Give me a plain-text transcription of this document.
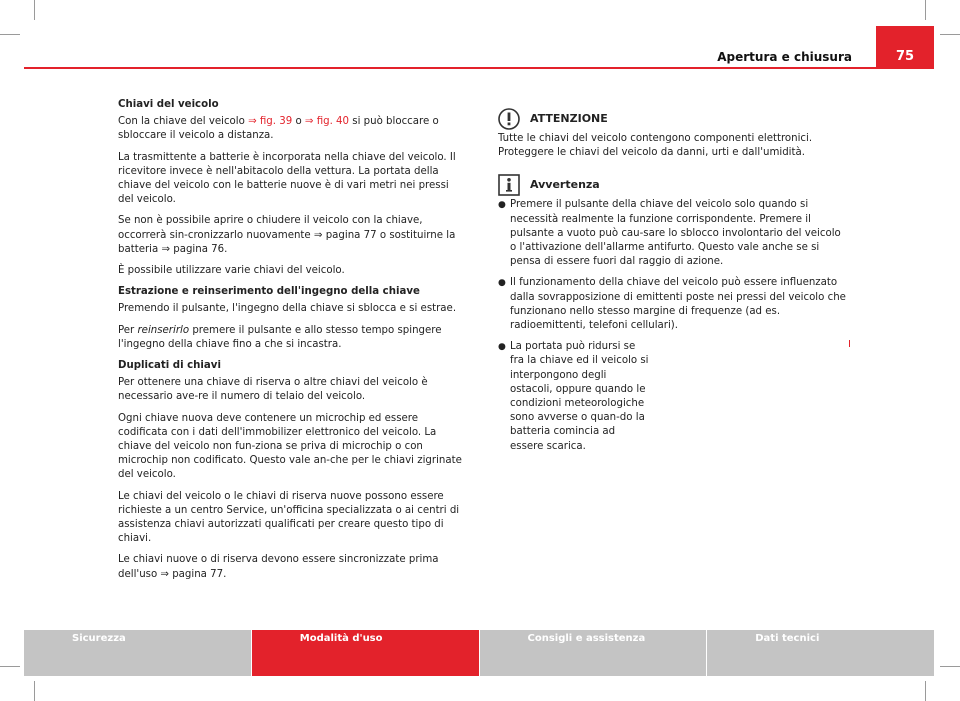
Apertura e chiusura	75
Chiavi del veicolo

Con la chiave del veicolo ⇒ fig. 39 o ⇒ fig. 40 si può bloccare o sbloccare il veicolo a distanza.

La trasmittente a batterie è incorporata nella chiave del veicolo. Il ricevitore invece è nell'abitacolo della vettura. La portata della chiave del veicolo con le batterie nuove è di vari metri nei pressi del veicolo.

Se non è possibile aprire o chiudere il veicolo con la chiave, occorrerà sin-cronizzarlo nuovamente ⇒ pagina 77 o sostituirne la batteria ⇒ pagina 76.

È possibile utilizzare varie chiavi del veicolo.

Estrazione e reinserimento dell'ingegno della chiave

Premendo il pulsante, l'ingegno della chiave si sblocca e si estrae.

Per reinserirlo premere il pulsante e allo stesso tempo spingere l'ingegno della chiave fino a che si incastra.

Duplicati di chiavi

Per ottenere una chiave di riserva o altre chiavi del veicolo è necessario ave-re il numero di telaio del veicolo.

Ogni chiave nuova deve contenere un microchip ed essere codificata con i dati dell'immobilizer elettronico del veicolo. La chiave del veicolo non fun-ziona se priva di microchip o con microchip non codificato. Questo vale an-che per le chiavi zigrinate del veicolo.

Le chiavi del veicolo o le chiavi di riserva nuove possono essere richieste a un centro Service, un'officina specializzata o ai centri di assistenza chiavi autorizzati qualificati per creare questo tipo di chiavi.

Le chiavi nuove o di riserva devono essere sincronizzate prima dell'uso ⇒ pagina 77.

ATTENZIONE

Tutte le chiavi del veicolo contengono componenti elettronici. Proteggere le chiavi del veicolo da danni, urti e dall'umidità.

Avvertenza
● Premere il pulsante della chiave del veicolo solo quando si necessità realmente la funzione corrispondente. Premere il pulsante a vuoto può cau-sare lo sblocco involontario del veicolo o l'attivazione dell'allarme antifurto. Questo vale anche se si pensa di essere fuori dal raggio di azione.
● Il funzionamento della chiave del veicolo può essere influenzato dalla sovrapposizione di emittenti poste nei pressi del veicolo che funzionano nello stesso margine di frequenze (ad es. radioemittenti, telefoni cellulari).
● La portata può ridursi se fra la chiave ed il veicolo si interpongono degli ostacoli, oppure quando le condizioni meteorologiche sono avverse o quan-do la batteria comincia ad essere scarica.
Sicurezza	Modalità d'uso	Consigli e assistenza	Dati tecnici
